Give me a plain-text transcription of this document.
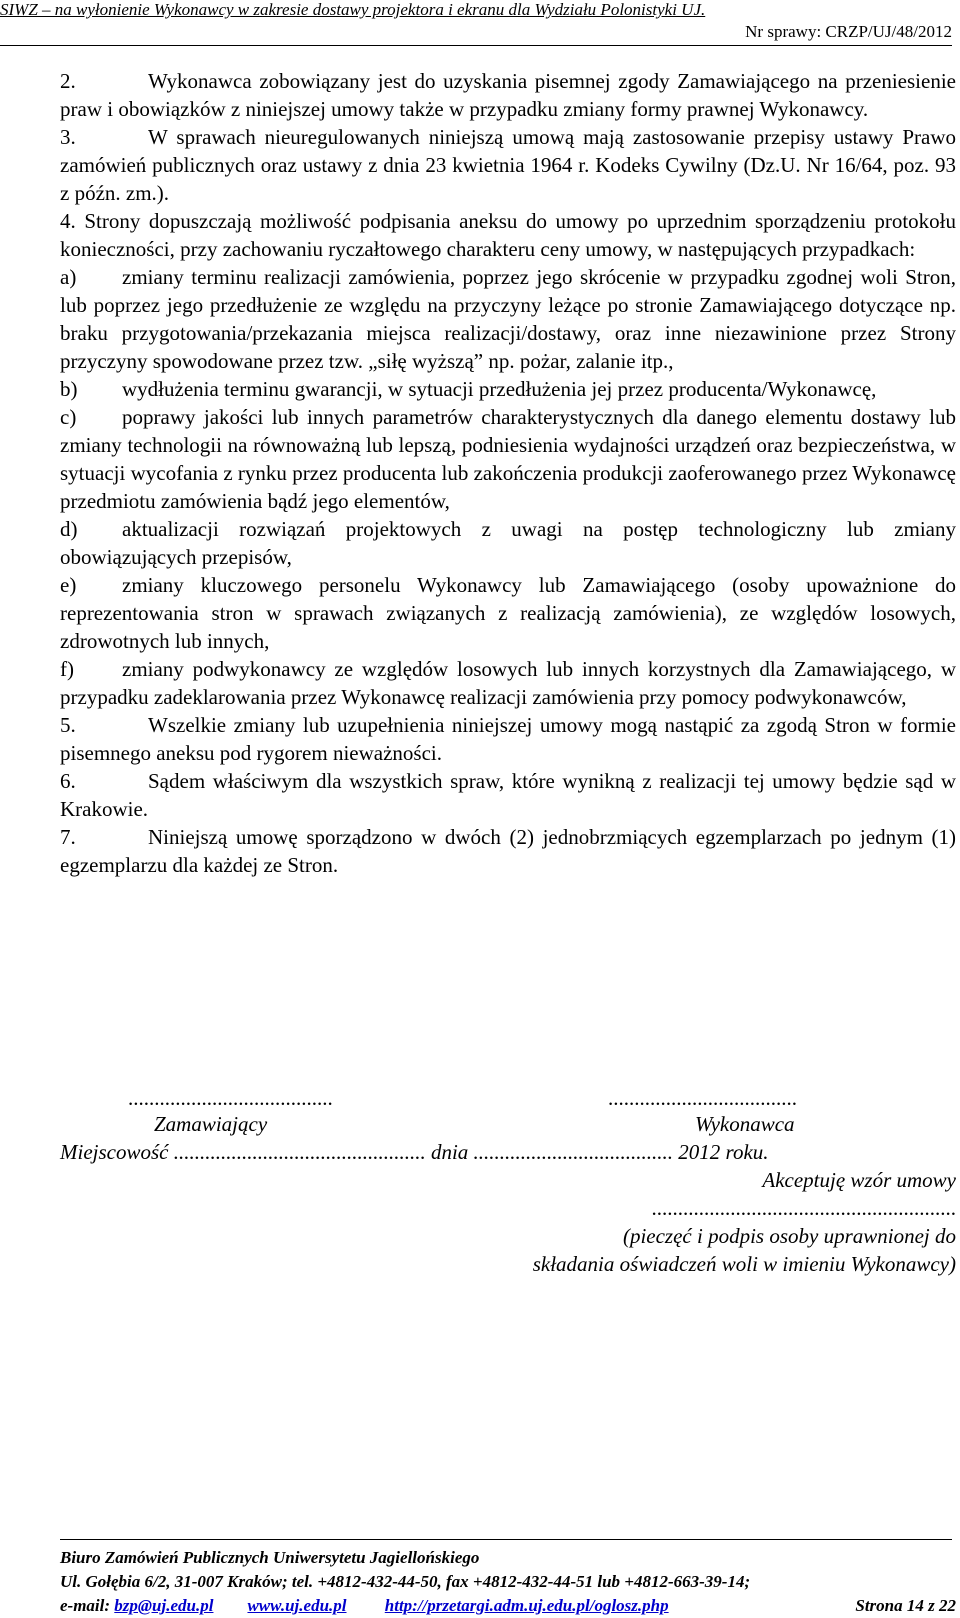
SIWZ – na wyłonienie Wykonawcy w zakresie dostawy projektora i ekranu dla Wydziału Polonistyki UJ.
Nr sprawy: CRZP/UJ/48/2012

2.	Wykonawca zobowiązany jest do uzyskania pisemnej zgody Zamawiającego na przeniesienie praw i obowiązków z niniejszej umowy także w przypadku zmiany formy prawnej Wykonawcy.

3.	W sprawach nieuregulowanych niniejszą umową mają zastosowanie przepisy ustawy Prawo zamówień publicznych oraz ustawy z dnia 23 kwietnia 1964 r. Kodeks Cywilny (Dz.U. Nr 16/64, poz. 93 z późn. zm.).

4. Strony dopuszczają możliwość podpisania aneksu do umowy po uprzednim sporządzeniu protokołu konieczności, przy zachowaniu ryczałtowego charakteru ceny umowy, w następujących przypadkach:

a) zmiany terminu realizacji zamówienia, poprzez jego skrócenie w przypadku zgodnej woli Stron, lub poprzez jego przedłużenie ze względu na przyczyny leżące po stronie Zamawiającego dotyczące np. braku przygotowania/przekazania miejsca realizacji/dostawy, oraz inne niezawinione przez Strony przyczyny spowodowane przez tzw. „siłę wyższą” np. pożar, zalanie itp.,

b) wydłużenia terminu gwarancji, w sytuacji przedłużenia jej przez producenta/Wykonawcę,

c) poprawy jakości lub innych parametrów charakterystycznych dla danego elementu dostawy lub zmiany technologii na równoważną lub lepszą, podniesienia wydajności urządzeń oraz bezpieczeństwa, w sytuacji wycofania z rynku przez producenta lub zakończenia produkcji zaoferowanego przez Wykonawcę przedmiotu zamówienia bądź jego elementów,

d) aktualizacji rozwiązań projektowych z uwagi na postęp technologiczny lub zmiany obowiązujących przepisów,

e) zmiany kluczowego personelu Wykonawcy lub Zamawiającego (osoby upoważnione do reprezentowania stron w sprawach związanych z realizacją zamówienia), ze względów losowych, zdrowotnych lub innych,

f) zmiany podwykonawcy ze względów losowych lub innych korzystnych dla Zamawiającego, w przypadku zadeklarowania przez Wykonawcę realizacji zamówienia przy pomocy podwykonawców,

5.	Wszelkie zmiany lub uzupełnienia niniejszej umowy mogą nastąpić za zgodą Stron w formie pisemnego aneksu pod rygorem nieważności.

6.	Sądem właściwym dla wszystkich spraw, które wynikną z realizacji tej umowy będzie sąd w Krakowie.

7.	Niniejszą umowę sporządzono w dwóch (2) jednobrzmiących egzemplarzach po jednym (1) egzemplarzu dla każdej ze Stron.

.......................................	....................................
Zamawiający	Wykonawca
Miejscowość ................................................ dnia ...................................... 2012 roku.
Akceptuję wzór umowy
..........................................................
(pieczęć i podpis osoby uprawnionej do
składania oświadczeń woli w imieniu Wykonawcy)
Biuro Zamówień Publicznych Uniwersytetu Jagiellońskiego
Ul. Gołębia 6/2, 31-007 Kraków; tel. +4812-432-44-50, fax +4812-432-44-51 lub +4812-663-39-14;
e-mail: bzp@uj.edu.pl www.uj.edu.pl http://przetargi.adm.uj.edu.pl/oglosz.php	Strona 14 z 22
